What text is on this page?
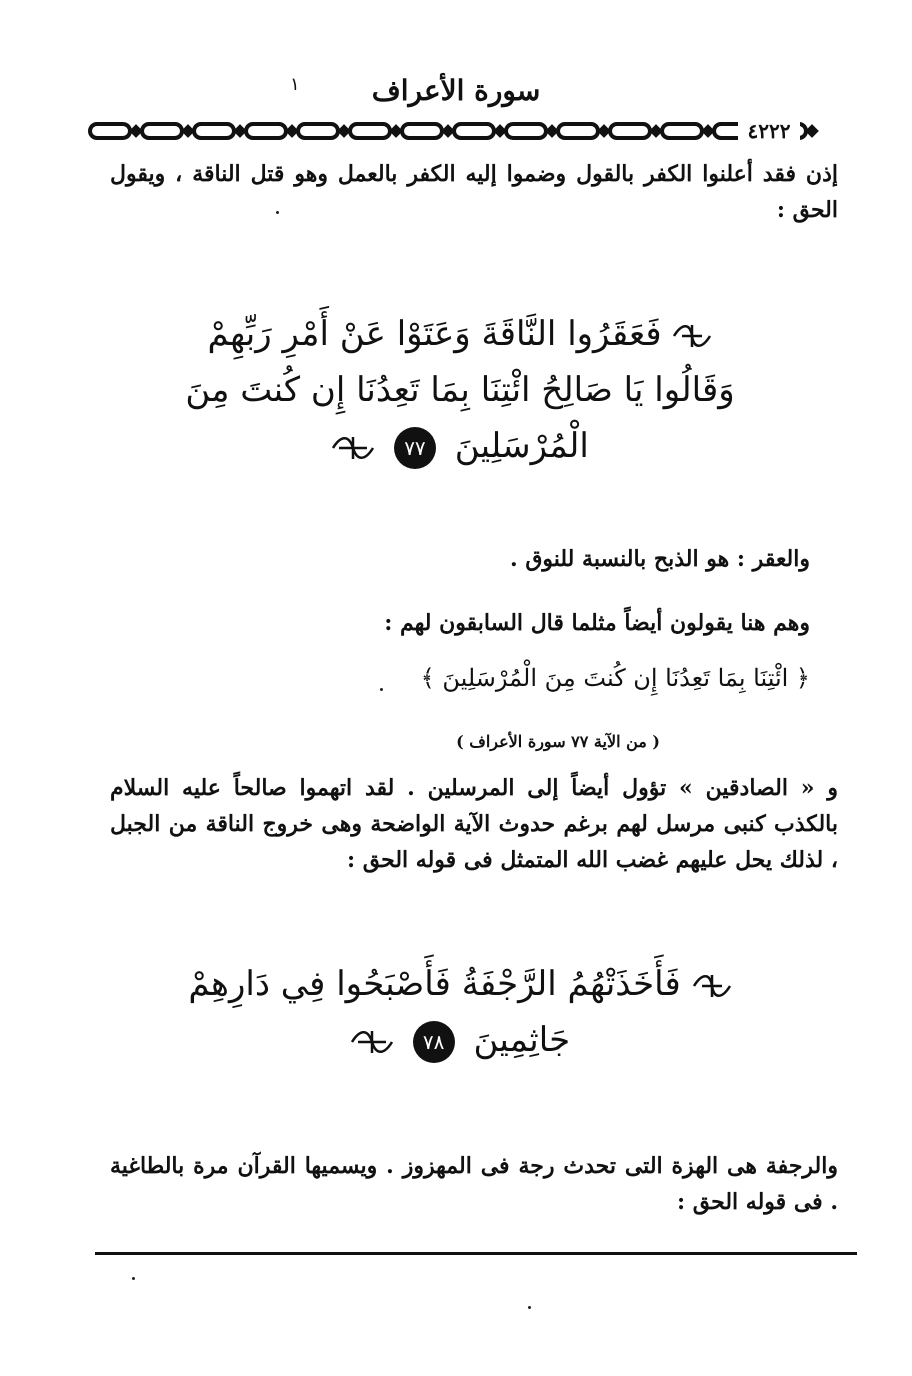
١	سورة الأعراف
٤٢٢٢
إذن فقد أعلنوا الكفر بالقول وضموا إليه الكفر بالعمل وهو قتل الناقة ، ويقول الحق :
فَعَقَرُوا النَّاقَةَ وَعَتَوْا عَنْ أَمْرِ رَبِّهِمْ
وَقَالُوا يَا صَالِحُ ائْتِنَا بِمَا تَعِدُنَا إِن كُنتَ مِنَ
الْمُرْسَلِينَ ٧٧
والعقر : هو الذبح بالنسبة للنوق .
وهم هنا يقولون أيضاً مثلما قال السابقون لهم :
﴿ ائْتِنَا بِمَا تَعِدُنَا إِن كُنتَ مِنَ الْمُرْسَلِينَ ﴾
( من الآية ٧٧ سورة الأعراف )
و « الصادقين » تؤول أيضاً إلى المرسلين . لقد اتهموا صالحاً عليه السلام بالكذب كنبى مرسل لهم برغم حدوث الآية الواضحة وهى خروج الناقة من الجبل ، لذلك يحل عليهم غضب الله المتمثل فى قوله الحق :
فَأَخَذَتْهُمُ الرَّجْفَةُ فَأَصْبَحُوا فِي دَارِهِمْ
جَاثِمِينَ ٧٨
والرجفة هى الهزة التى تحدث رجة فى المهزوز . ويسميها القرآن مرة بالطاغية . فى قوله الحق :
